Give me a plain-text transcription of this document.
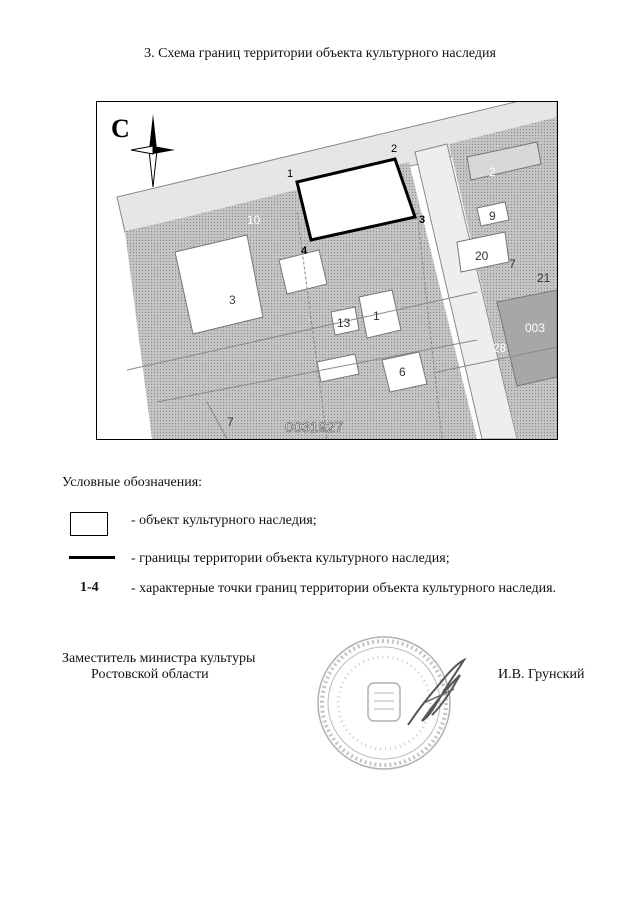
3. Схема границ территории объекта культурного наследия
1
2
3
4
2
9
20
7
21
003
28
10
3
13 1
6
7	0031927
С
Условные обозначения:
- объект культурного наследия;
- границы территории объекта культурного наследия;
1-4 - характерные точки границ территории объекта культурного наследия.
Заместитель министра культуры
Ростовской области	И.В. Грунский
